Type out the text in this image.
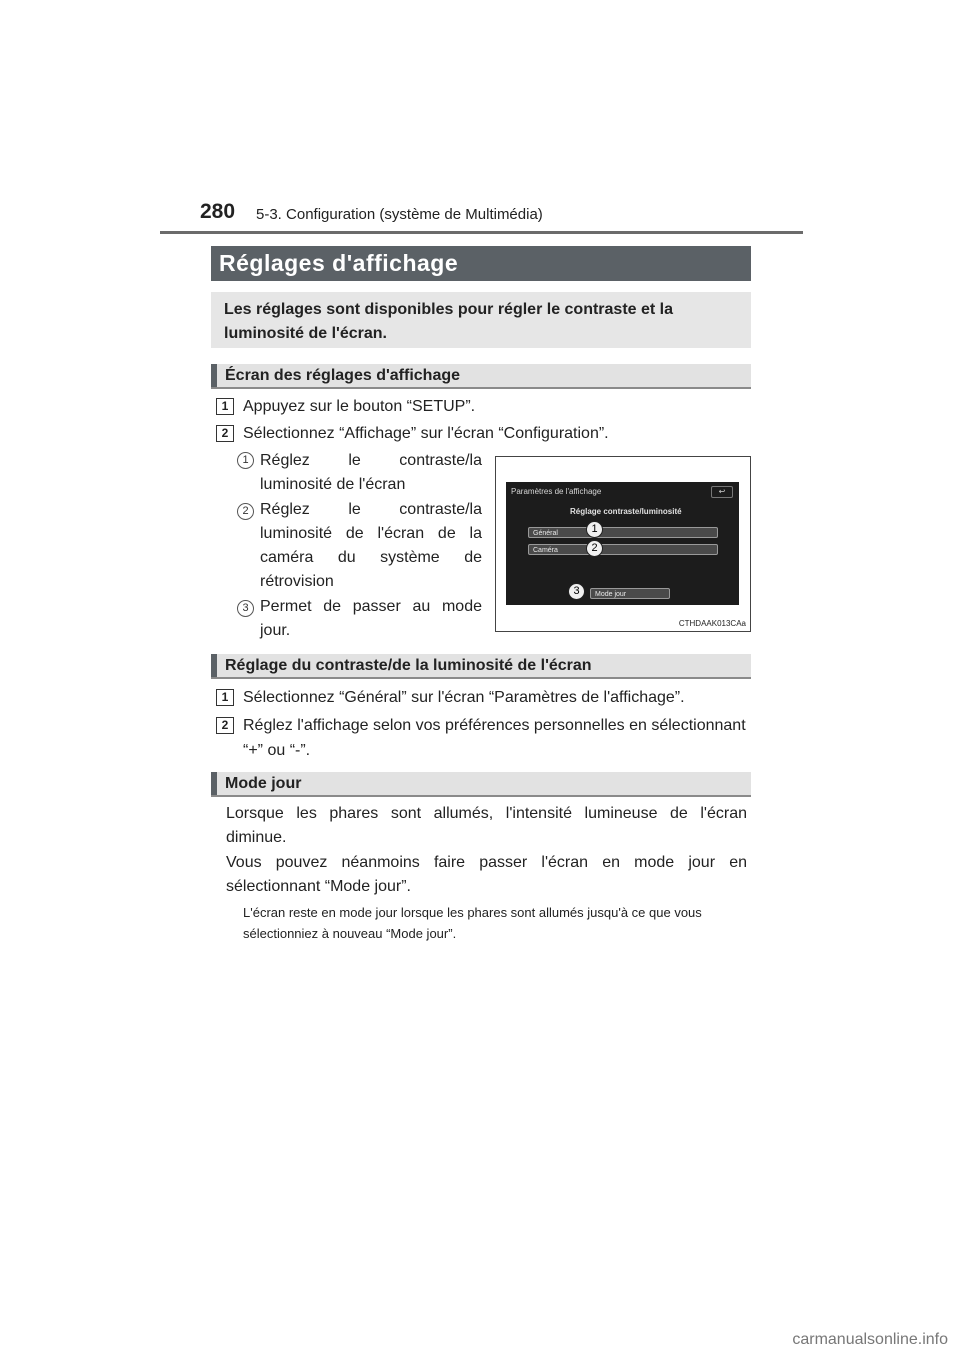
280 5-3. Configuration (système de Multimédia)
Réglages d'affichage

Les réglages sont disponibles pour régler le contraste et la luminosité de l'écran.

Écran des réglages d'affichage
1 Appuyez sur le bouton “SETUP”.
2 Sélectionnez “Affichage” sur l'écran “Configuration”.
1 Réglez le contraste/la luminosité de l'écran
2 Réglez le contraste/la luminosité de l'écran de la caméra du système de rétrovision
3 Permet de passer au mode jour.
Paramètres de l'affichage	↩
Réglage contraste/luminosité
Général
Caméra
Mode jour
1
2
3
CTHDAAK013CAa
Réglage du contraste/de la luminosité de l'écran
1 Sélectionnez “Général” sur l'écran “Paramètres de l'affichage”.
2 Réglez l'affichage selon vos préférences personnelles en sélectionnant “+” ou “-”.
Mode jour
Lorsque les phares sont allumés, l'intensité lumineuse de l'écran diminue.
Vous pouvez néanmoins faire passer l'écran en mode jour en sélectionnant “Mode jour”.
L'écran reste en mode jour lorsque les phares sont allumés jusqu'à ce que vous sélectionniez à nouveau “Mode jour”.
carmanualsonline.info
